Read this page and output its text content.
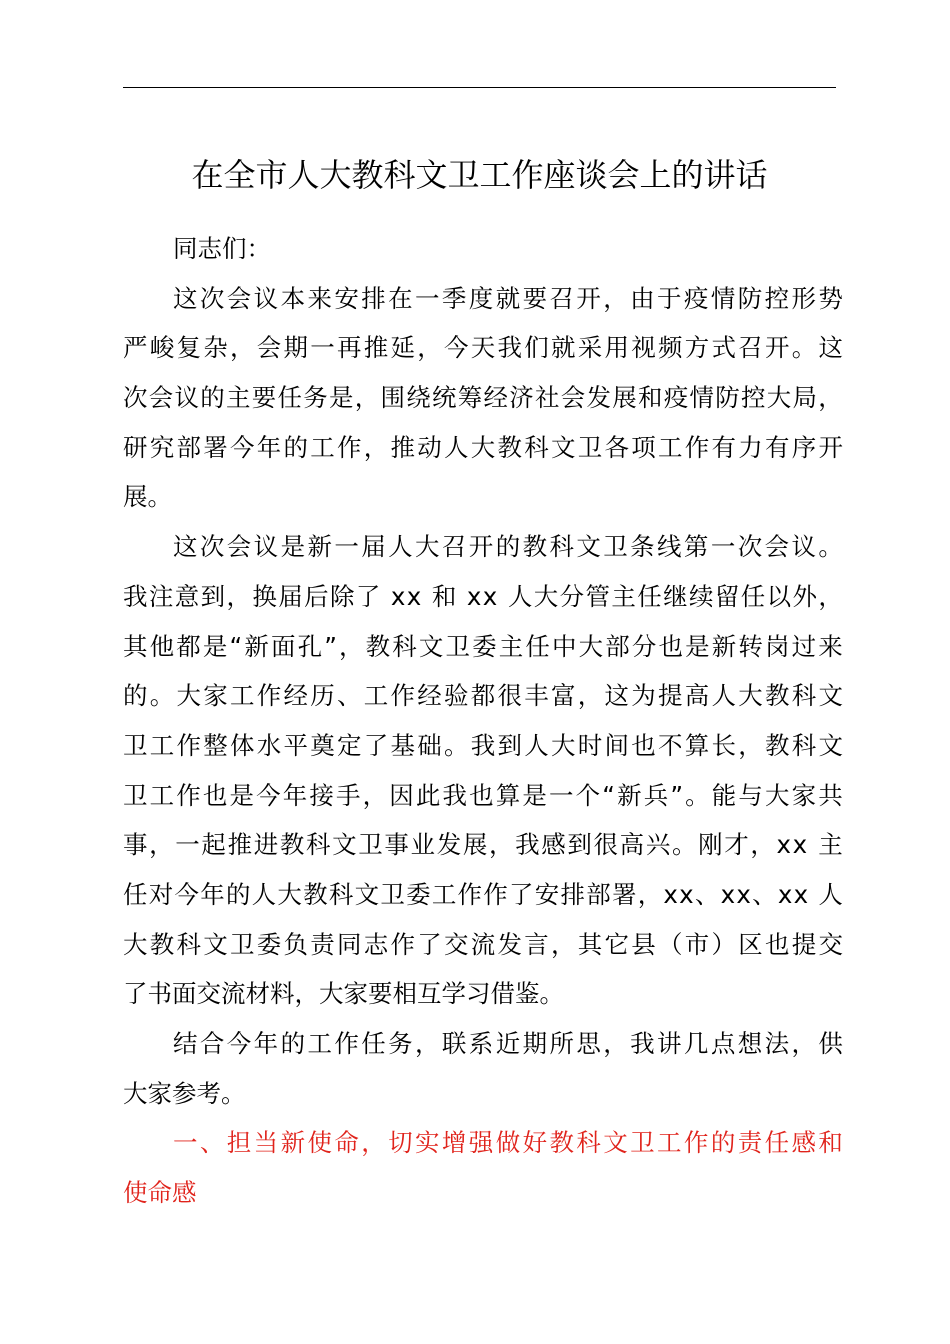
在全市人大教科文卫工作座谈会上的讲话
同志们：
这 次 会 议 本 来 安 排 在 一 季 度 就 要 召 开 ， 由 于 疫 情 防 控 形 势
严 峻 复 杂 ， 会 期 一 再 推 延 ， 今 天 我 们 就 采 用 视 频 方 式 召 开 。 这
次 会 议 的 主 要 任 务 是 ， 围 绕 统 筹 经 济 社 会 发 展 和 疫 情 防 控 大 局 ，
研 究 部 署 今 年 的 工 作 ， 推 动 人 大 教 科 文 卫 各 项 工 作 有 力 有 序 开
展。
这 次 会 议 是 新 一 届 人 大 召 开 的 教 科 文 卫 条 线 第 一 次 会 议 。
我 注 意 到 ， 换 届 后 除 了
x x
和
x x
人 大 分 管 主 任 继 续 留 任 以 外 ，
其 他 都 是 “ 新 面 孔 ” ， 教 科 文 卫 委 主 任 中 大 部 分 也 是 新 转 岗 过 来
的 。 大 家 工 作 经 历 、 工 作 经 验 都 很 丰 富 ， 这 为 提 高 人 大 教 科 文
卫 工 作 整 体 水 平 奠 定 了 基 础 。 我 到 人 大 时 间 也 不 算 长 ， 教 科 文
卫 工 作 也 是 今 年 接 手 ， 因 此 我 也 算 是 一 个 “ 新 兵 ” 。 能 与 大 家 共
事 ， 一 起 推 进 教 科 文 卫 事 业 发 展 ， 我 感 到 很 高 兴 。 刚 才 ， x x
主
任 对 今 年 的 人 大 教 科 文 卫 委 工 作 作 了 安 排 部 署 ， x x 、 x x 、 x x
人
大 教 科 文 卫 委 负 责 同 志 作 了 交 流 发 言 ， 其 它 县 （ 市 ） 区 也 提 交
了书面交流材料，大家要相互学习借鉴。
结 合 今 年 的 工 作 任 务 ， 联 系 近 期 所 思 ， 我 讲 几 点 想 法 ， 供
大家参考。
一 、 担 当 新 使 命 ， 切 实 增 强 做 好 教 科 文 卫 工 作 的 责 任 感 和
使命感
